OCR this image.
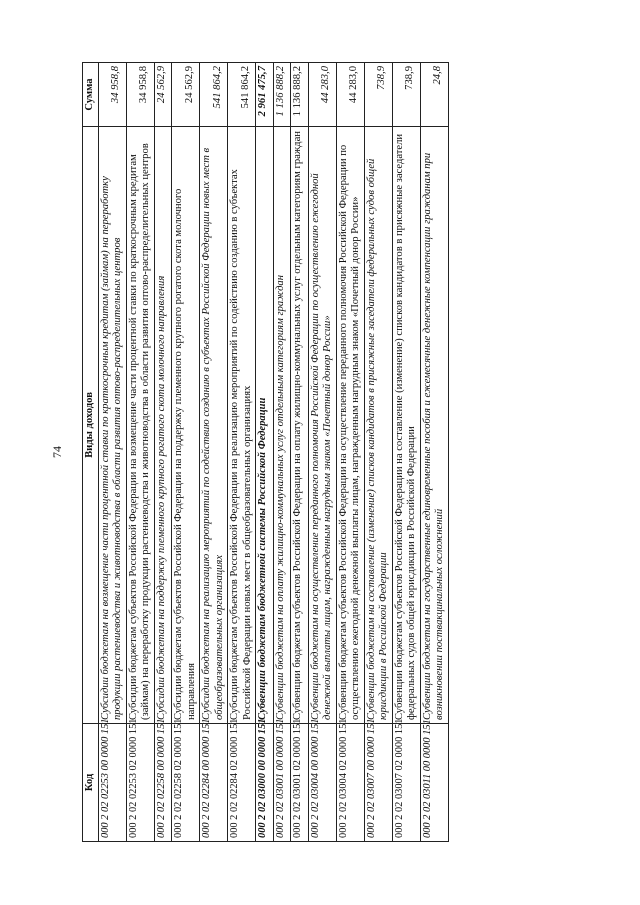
74
Код	Виды доходов	Сумма
000 2 02 02253 00 0000 151	Субсидии бюджетам на возмещение части процентной ставки по краткосрочным кредитам (займам) на переработку продукции растениеводства и животноводства в области развития оптово-распределительных центров	34 958,8
000 2 02 02253 02 0000 151	Субсидии бюджетам субъектов Российской Федерации на возмещение части процентной ставки по краткосрочным кредитам (займам) на переработку продукции растениеводства и животноводства в области развития оптово-распределительных центров	34 958,8
000 2 02 02258 00 0000 151	Субсидии бюджетам на поддержку племенного крупного рогатого скота молочного направления	24 562,9
000 2 02 02258 02 0000 151	Субсидии бюджетам субъектов Российской Федерации на поддержку племенного крупного рогатого скота молочного направления	24 562,9
000 2 02 02284 00 0000 151	Субсидии бюджетам на реализацию мероприятий по содействию созданию в субъектах Российской Федерации новых мест в общеобразовательных организациях	541 864,2
000 2 02 02284 02 0000 151	Субсидии бюджетам субъектов Российской Федерации на реализацию мероприятий по содействию созданию в субъектах Российской Федерации новых мест в общеобразовательных организациях	541 864,2
000 2 02 03000 00 0000 151	Субвенции бюджетам бюджетной системы Российской Федерации	2 961 475,7
000 2 02 03001 00 0000 151	Субвенции бюджетам на оплату жилищно-коммунальных услуг отдельным категориям граждан	1 136 888,2
000 2 02 03001 02 0000 151	Субвенции бюджетам субъектов Российской Федерации на оплату жилищно-коммунальных услуг отдельным категориям граждан	1 136 888,2
000 2 02 03004 00 0000 151	Субвенции бюджетам на осуществление переданного полномочия Российской Федерации по осуществлению ежегодной денежной выплаты лицам, награжденным нагрудным знаком «Почетный донор России»	44 283,0
000 2 02 03004 02 0000 151	Субвенции бюджетам субъектов Российской Федерации на осуществление переданного полномочия Российской Федерации по осуществлению ежегодной денежной выплаты лицам, награжденным нагрудным знаком «Почетный донор России»	44 283,0
000 2 02 03007 00 0000 151	Субвенции бюджетам на составление (изменение) списков кандидатов в присяжные заседатели федеральных судов общей юрисдикции в Российской Федерации	738,9
000 2 02 03007 02 0000 151	Субвенции бюджетам субъектов Российской Федерации на составление (изменение) списков кандидатов в присяжные заседатели федеральных судов общей юрисдикции в Российской Федерации	738,9
000 2 02 03011 00 0000 151	Субвенции бюджетам на государственные единовременные пособия и ежемесячные денежные компенсации гражданам при возникновении поствакцинальных осложнений	24,8
